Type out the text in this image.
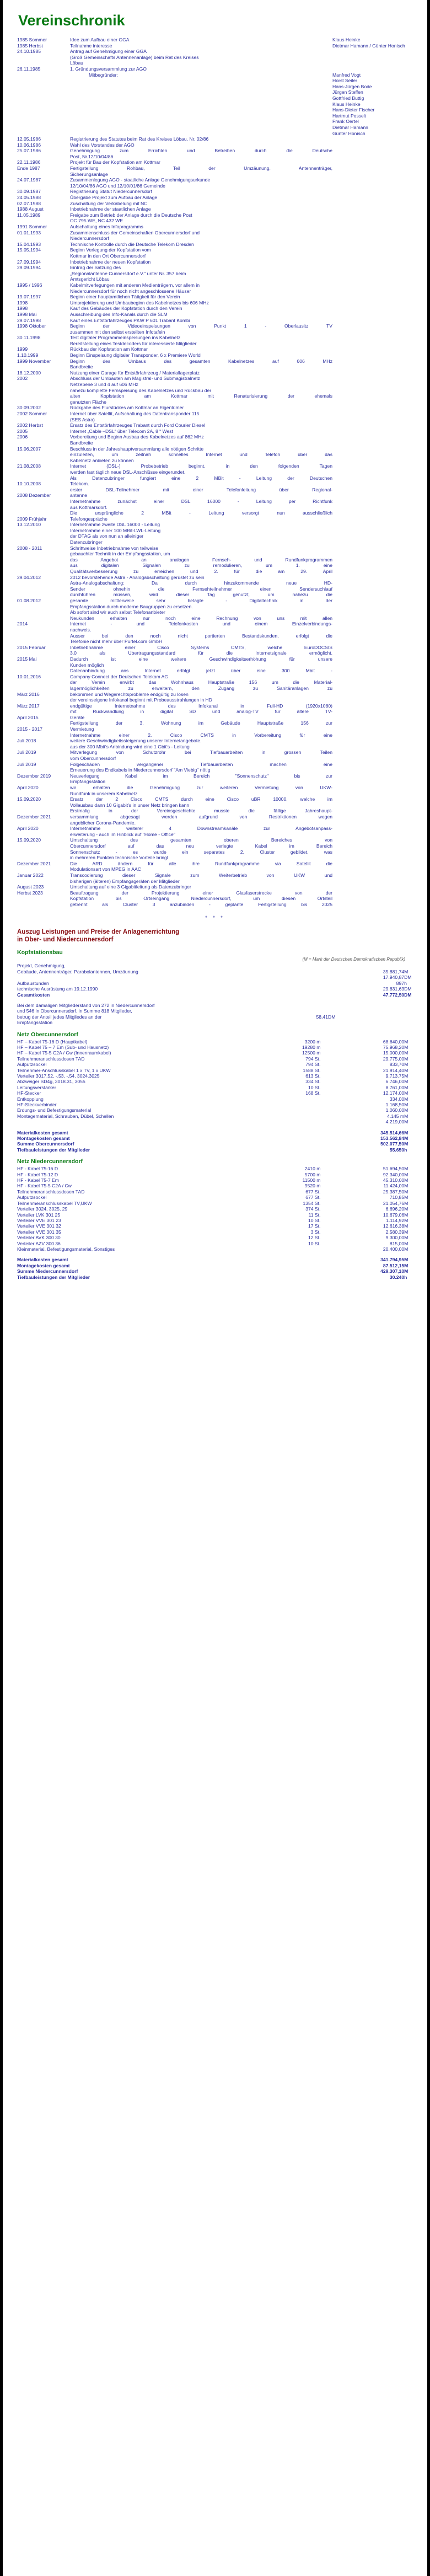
Vereinschronik
1985 Sommer	Idee zum Aufbau einer GGA	Klaus Heinke
1985 Herbst	Teilnahme interesse	Dietmar Hamann / Günter Honisch
24.10.1985	Antrag auf Genehmigung einer GGA	
	(Groß Gemeinschafts Antennenanlage) beim Rat des Kreises	
	Löbau	
26.11.1985	1. Gründungsversammlung zur AGO	
	Mitbegründer:	Manfred Vogt
		Horst Seiler
		Hans-Jürgen Bode
		Jürgen Steffen
		Gottfried Buttig
		Klaus Heinke
		Hans-Dieter Fischer
		Hartmut Posselt
		Frank Oertel
		Dietmar Hamann
		Günter Honisch
12.05.1986	Registrierung des Statutes beim Rat des Kreises Löbau, Nr. 02/86	
10.06.1986	Wahl des Vorstandes der AGO	
25.07.1986	Genehmigung zum Errichten und Betreiben durch die Deutsche	
	Post, Nr.12/10/04/86	
22.11.1986	Projekt für Bau der Kopfstation am Kottmar	
Ende 1987	Fertigstellung Rohbau, Teil der Umzäunung, Antennenträger,	
	Sicherungsanlage	
24.07.1987	Zusammenlegung AGO - staatliche Anlage Genehmigungsurkunde	
	12/10/04/86 AGO und 12/10/01/86 Gemeinde	
30.09.1987	Registrierung Statut Niedercunnersdorf	
24.05.1988	Übergabe Projekt zum Aufbau der Anlage	
02.07.1988	Zuschaltung der Verkabelung mit NC	
1988 August	Inbetriebnahme der staatlichen Anlage	
11.05.1989	Freigabe zum Betrieb der Anlage durch die Deutsche Post	
	OC 795 WE, NC 432 WE	
1991 Sommer	Aufschaltung eines Infoprogramms	
01.01.1993	Zusammenschluss der Gemeinschaften Obercunnersdorf und	
	Niedercunnersdorf	
15.04.1993	Technische Kontrolle durch die Deutsche Telekom Dresden	
15.05.1994	Beginn Verlegung der Kopfstation vom	
	Kottmar in den Ort Obercunnersdorf	
27.09.1994	Inbetriebnahme der neuen Kopfstation	
29.09.1994	Eintrag der Satzung des	
	„Regionalantenne Cunnersdorf e.V.“ unter Nr. 357 beim	
	Amtsgericht Löbau	
1995 / 1996	Kabelmitverlegungen mit anderen Medienträgern, vor allem in	
	Niedercunnersdorf für noch nicht angeschlossene Häuser	
19.07.1997	Beginn einer hauptamtlichen Tätigkeit für den Verein	
1998	Umprojektierung und Umbaubeginn des Kabelnetzes bis 606 MHz	
1998	Kauf des Gebäudes der Kopfstation durch den Verein	
1998 Mai	Ausschreibung des Info-Kanals durch die SLM	
29.07.1998	Kauf eines Entstörfahrzeuges PKW P 601 Trabant Kombi	
1998 Oktober	Beginn der Videoeinspeisungen von Punkt 1 - Oberlausitz TV	
	zusammen mit den selbst erstellten Infotafeln	
30.11.1998	Test digitaler Programmeinspeisungen ins Kabelnetz	
	Bereitstellung eines Testdecoders für interessierte Mitglieder	
1999	Rückbau der Kopfstation am Kottmar	
1.10.1999	Beginn Einspeisung digitaler Transponder, 6 x Premiere World	
1999 November	Beginn des Umbaus des gesamten Kabelnetzes auf 606 MHz	
	Bandbreite	
18.12.2000	Nutzung einer Garage für Entstörfahrzeug / Materiallagerplatz	
2002	Abschluss der Umbauten am Magistral- und Submagistralnetz	
	Netzebene 3 und 4 auf 606 MHz	
	nahezu komplette Fernspeisung des Kabelnetzes und Rückbau der	
	alten Kopfstation am Kottmar mit Renaturisierung der ehemals	
	genutzten Fläche	
30.09.2002	Rückgabe des Flurstückes am Kottmar an Eigentümer	
2002 Sommer	Internet über Satellit, Aufschaltung des Datentransponder 115	
	(SES Astra)	
2002 Herbst	Ersatz des Entstörfahrzeuges Trabant durch Ford Courier Diesel	
2005	Internet „Cable –DSL“ über Telecom 2A, 8 “ West	
2006	Vorbereitung und Beginn Ausbau des Kabelnetzes auf 862 MHz	
	Bandbreite	
15.06.2007	Beschluss in der Jahreshauptversammlung alle nötigen Schritte	
	einzuleiten, um zeitnah schnelles Internet und Telefon über das	
	Kabelnetz anbieten zu können	
21.08.2008	Internet (DSL-) Probebetrieb beginnt, in den folgenden Tagen	
	werden fast täglich neue DSL-Anschlüsse eingerundet.	
	Als Datenzubringer fungiert eine 2 MBit - Leitung der Deutschen	
10.10.2008	Telekom.	
	erster DSL-Teilnehmer mit einer Telefonleitung über Regional-	
2008 Dezember	antenne	
	Internetnahme zunächst einer DSL 16000 - Leitung per Richtfunk	
	aus Kottmarsdorf.	
	Die ursprüngliche 2 MBit - Leitung versorgt nun ausschließlich	
2009 Frühjahr	Telefongespräche	
13.12.2010	Internetnahme zweite DSL 16000 - Leitung	
	Internetnahme einer 100 MBit-LWL-Leitung	
	der DTAG als von nun an alleiniger	
	Datenzubringer	
2008 - 2011	Schrittweise Inbetriebnahme von teilweise	
	gebauchter Technik in der Empfangsstation, um	
	das Angebot an analogen Fernseh- und Rundfunkprogrammen	
	aus digitalen Signalen zu remodulieren, um 1. eine	
	Qualitätsverbesserung zu erreichen und 2. für die am 29. April	
29.04.2012	2012 bevorstehende Astra - Analogabschaltung gerüstet zu sein	
	Astra-Analogabschaltung: Da durch hinzukommende neue HD-	
	Sender ohnehin die Fernsehteilnehmer einen Sendersuchlauf	
	durchführen müssen, wird dieser Tag genutzt, um nahezu die	
01.08.2012	gesamte mittlerweile sehr betagte - Digitaltechnik in der	
	Empfangsstation durch moderne Baugruppen zu ersetzen.	
	Ab sofort sind wir auch selbst Telefonanbieter	
	Neukunden erhalten nur noch eine Rechnung von uns mit allen	
2014	Internet - und Telefonkosten und einem Einzelverbindungs-	
	nachweis.	
	Ausser bei den noch nicht portierten Bestandskunden, erfolgt die	
	Telefonie nicht mehr über Purtel.com GmbH	
2015 Februar	Inbetriebnahme einer Cisco Systems CMTS, welche EuroDOCSIS	
	3.0 als Übertragungsstandard für die Internetsignale ermöglicht.	
2015 Mai	Dadurch ist eine weitere Geschwindigkeitserhöhung für unsere	
	Kunden möglich	
	Datenanbindung ans Internet erfolgt jetzt über eine 300 Mbit -	
10.01.2016	Company Connect der Deutschen Telekom AG	
	der Verein erwirbt das Wohnhaus Hauptstraße 156 um die Material-	
	lagermöglichkeiten zu erweitern, den Zugang zu Sanitäranlagen zu	
März 2016	bekommen und Wegerechtsprobleme endgültig zu lösen	
	der vereinseigene Infokanal beginnt mit Probeausstrahlungen in HD	
März 2017	endgültige Internetnahme des Infokanal in Full-HD (1920x1080)	
	mit Rückwandlung in digital SD und analog-TV für ältere TV-	
April 2015	Geräte	
	Fertigstellung der 3. Wohnung im Gebäude Hauptstraße 156 zur	
2015 - 2017	Vermietung	
	Internetnahme einer 2. Cisco CMTS in Vorbereitung für eine	
Juli 2018	weitere Geschwindigkeitssteigerung unserer Internetangebote.	
	aus der 300 Mbit's Anbindung wird eine 1 Gbit's - Leitung	
Juli 2019	Mitverlegung von Schutzrohr bei Tiefbauarbeiten in grossen Teilen	
	vom Obercunnersdorf	
Juli 2019	Folgeschäden vergangener Tiefbauarbeiten machen eine	
	Erneuerung des Endkabels in Niedercunnersdorf "Am Viebig" nötig	
Dezember 2019	Neuverlegung Kabel im Bereich "Sonnenschutz" bis zur	
	Empfangsstation	
April 2020	wir erhalten die Genehmigung zur weiteren Vermietung von UKW-	
	Rundfunk in unserem Kabelnetz	
15.09.2020	Ersatz der 2 Cisco CMTS durch eine Cisco uBR 10000, welche im	
	Vollausbau dann 10 Gigabit's in unser Netz bringen kann	
	Erstmalig in der Vereinsgeschichte musste die fällige Jahreshaupt-	
Dezember 2021	versammlung abgesagt werden aufgrund von Restriktionen wegen	
	angeblicher Corona-Pandemie.	
April 2020	Internetnahme weiterer 4 Downstreamkanäle zur Angebotsanpass-	
	erweiterung - auch im Hinblick auf "Home - Office"	
15.09.2020	Umschaltung des gesamten oberen Bereiches von	
	Obercunnersdorf auf das neu verlegte Kabel im Bereich	
	Sonnenschutz - es wurde ein separates 2. Cluster gebildet, was	
	in mehreren Punkten technische Vorteile bringt	
Dezember 2021	Die ARD ändern für alle ihre Rundfunkprogramme via Satellit die	
	Modulationsart von MPEG in AAC	
Januar 2022	Transcodierung dieser Signale zum Weiterbetrieb von UKW und	
	bisherigen (älteren) Empfangsgeräten der Mitglieder	
August 2023	Umschaltung auf eine 3 Gigabitleitung als Datenzubringer	
Herbst 2023	Beauftragung der Projektierung einer Glasfaserstrecke von der	
	Kopfstation bis Ortseingang Niedercunnersdorf, um diesen Ortsteil	
	getrennt als Cluster 3 anzubinden - geplante Fertigstellung bis 2025	
* * *
Auszug Leistungen und Preise der Anlagenerrichtung
in Ober- und Niedercunnersdorf
Kopfstationsbau
(M = Mark der Deutschen Demokratischen Republik)
Projekt, Genehmigung,			
Gebäude, Antennenträger, Parabolantennen, Umzäunung		35.881,74	M
		17.940,87	DM
Aufbaustunden		897	h
technische Ausrüstung am 19.12.1990		29.831,63	DM
Gesamtkosten		47.772,50	DM

Bei dem damaligen Mitgliederstand von 272 in Niedercunnersdorf
und 546 in Obercunnersdorf, in Summe 818 Mitglieder,
betrug der Anteil jedes Mitgliedes an der Empfangsstation		58,41	DM
Netz Obercunnersdorf
HF – Kabel 75-16 D (Hauptkabel)	3200 m	68.640,00	M
HF – Kabel 75 – 7 Em (Sub- und Hausnetz)	19280 m	75.968,20	M
HF – Kabel 75-5 C2A / Cw (Innenraumkabel)	12500 m	15.000,00	M
Teilnehmeranschlussdosen TAD	794 St.	29.775,00	M
Aufputzsockel	794 St.	833,70	M
Teilnehmer-Anschlusskabel 1 x TV, 1 x UKW	1588 St.	21.914,40	M
Verteiler 3017.52, -.53, -.54, 3024.3025	613 St.	9.713.75	M
Abzweiger SD4g, 3018.31, 3055	334 St.	6.746,00	M
Leitungsverstärker	10 St.	8.761,00	M
HF-Stecker	168 St.	12.174,00	M
Entkopplung		334,00	M
HF-Steckverbinder		1.168,50	M
Erdungs- und Befestigungsmaterial		1.060,00	M
Montagematerial, Schrauben, Dübel, Schellen		4.145 m	M
		4.219,00	M

Materialkosten gesamt		345.514,66	M
Montagekosten gesamt		153.562,84	M
Summe Obercunnersdorf		502.077,50	M
Tiefbauleistungen der Mitglieder		55.650	h
Netz Niedercunnersdorf
HF - Kabel 75-16 D	2410 m	51.694,50	M
HF - Kabel 75-12 D	5700 m	92.340,00	M
HF - Kabel 75-7 Em	11500 m	45.310,00	M
HF - Kabel 75-5 C2A / Cw	9520 m	11.424,00	M
Teilnehmeranschlussdosen TAD	677 St.	25.387,50	M
Aufputzsockel	677 St.	710,85	M
Teilnehmeranschlusskabel TV,UKW	1354 St.	21.054,76	M
Verteiler 3024, 3025, 29	374 St.	6.696,20	M
Verteiler LVK 301 25	11 St.	10.679,06	M
Verteiler VVE 301 23	10 St.	1.114,92	M
Verteiler VVE 301 32	17 St.	12.616,38	M
Verteiler VVE 301 35	3 St.	2.580,39	M
Verteiler AVK 300 30	12 St.	9.300,00	M
Verteiler AZV 300 36	10 St.	815,00	M
Kleinmaterial, Befestigungsmaterial, Sonstiges		20.400,00	M

Materialkosten gesamt		341.794,95	M
Montagekosten gesamt		87.512,15	M
Summe Niedercunnersdorf		429.307,10	M
Tiefbauleistungen der Mitglieder		30.240	h
